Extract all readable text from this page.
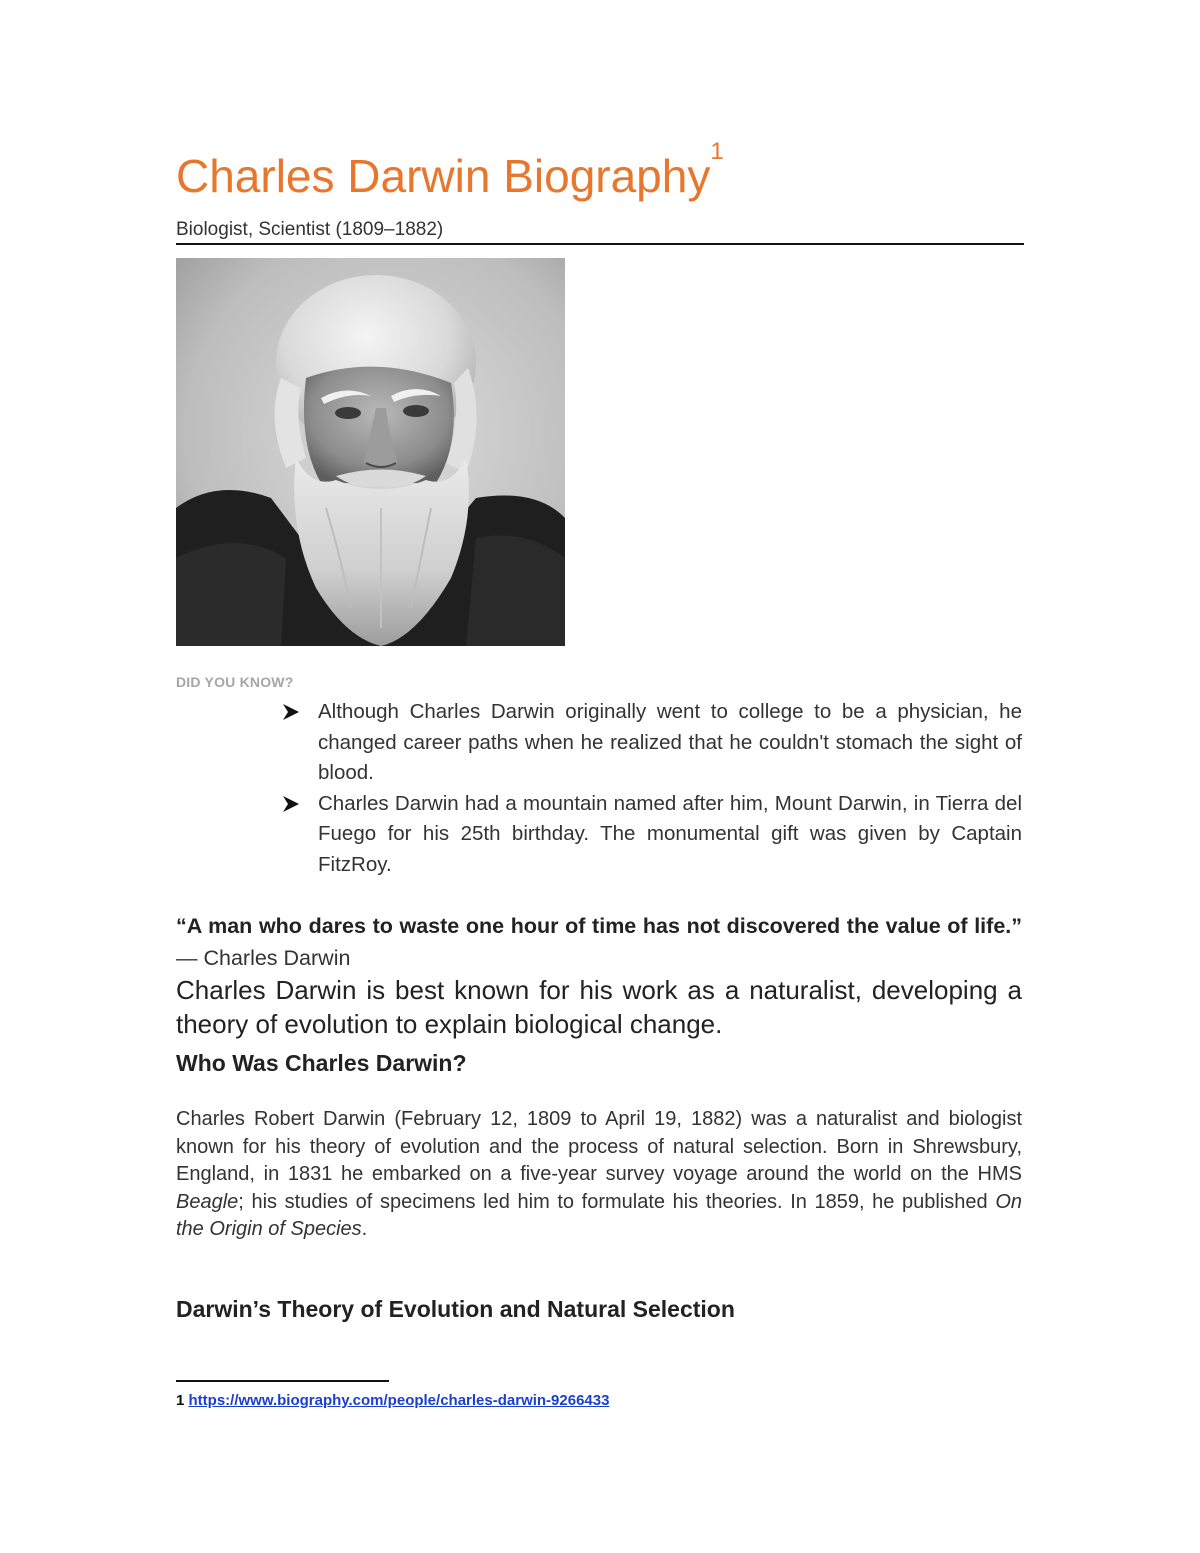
Charles Darwin Biography$^1$
Biologist, Scientist (1809–1882)
DID YOU KNOW?
Although Charles Darwin originally went to college to be a physician, he changed career paths when he realized that he couldn't stomach the sight of blood.
Charles Darwin had a mountain named after him, Mount Darwin, in Tierra del Fuego for his 25th birthday. The monumental gift was given by Captain FitzRoy.

“A man who dares to waste one hour of time has not discovered the value of life.” — Charles Darwin

Charles Darwin is best known for his work as a naturalist, developing a theory of evolution to explain biological change.

Who Was Charles Darwin?

Charles Robert Darwin (February 12, 1809 to April 19, 1882) was a naturalist and biologist known for his theory of evolution and the process of natural selection. Born in Shrewsbury, England, in 1831 he embarked on a five-year survey voyage around the world on the HMS Beagle; his studies of specimens led him to formulate his theories. In 1859, he published On the Origin of Species.

Darwin’s Theory of Evolution and Natural Selection
1 https://www.biography.com/people/charles-darwin-9266433
